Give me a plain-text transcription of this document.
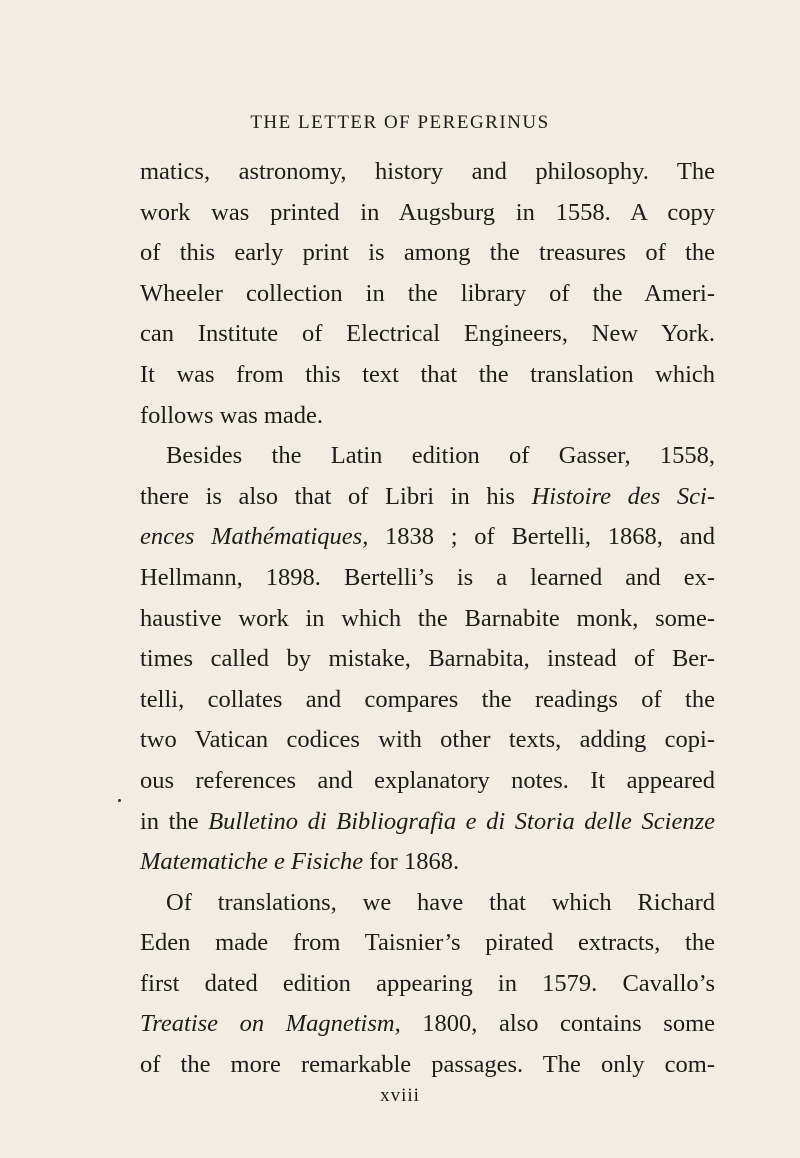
THE LETTER OF PEREGRINUS
matics, astronomy, history and philosophy. The
work was printed in Augsburg in 1558. A copy
of this early print is among the treasures of the
Wheeler collection in the library of the Ameri-
can Institute of Electrical Engineers, New York.
It was from this text that the translation which
follows was made.
Besides the Latin edition of Gasser, 1558,
there is also that of Libri in his Histoire des Sci-
ences Mathématiques, 1838 ; of Bertelli, 1868, and
Hellmann, 1898. Bertelli’s is a learned and ex-
haustive work in which the Barnabite monk, some-
times called by mistake, Barnabita, instead of Ber-
telli, collates and compares the readings of the
two Vatican codices with other texts, adding copi-
ous references and explanatory notes. It appeared
in the Bulletino di Bibliografia e di Storia delle Scienze
Matematiche e Fisiche for 1868.
Of translations, we have that which Richard
Eden made from Taisnier’s pirated extracts, the
first dated edition appearing in 1579. Cavallo’s
Treatise on Magnetism, 1800, also contains some
of the more remarkable passages. The only com-
xviii
